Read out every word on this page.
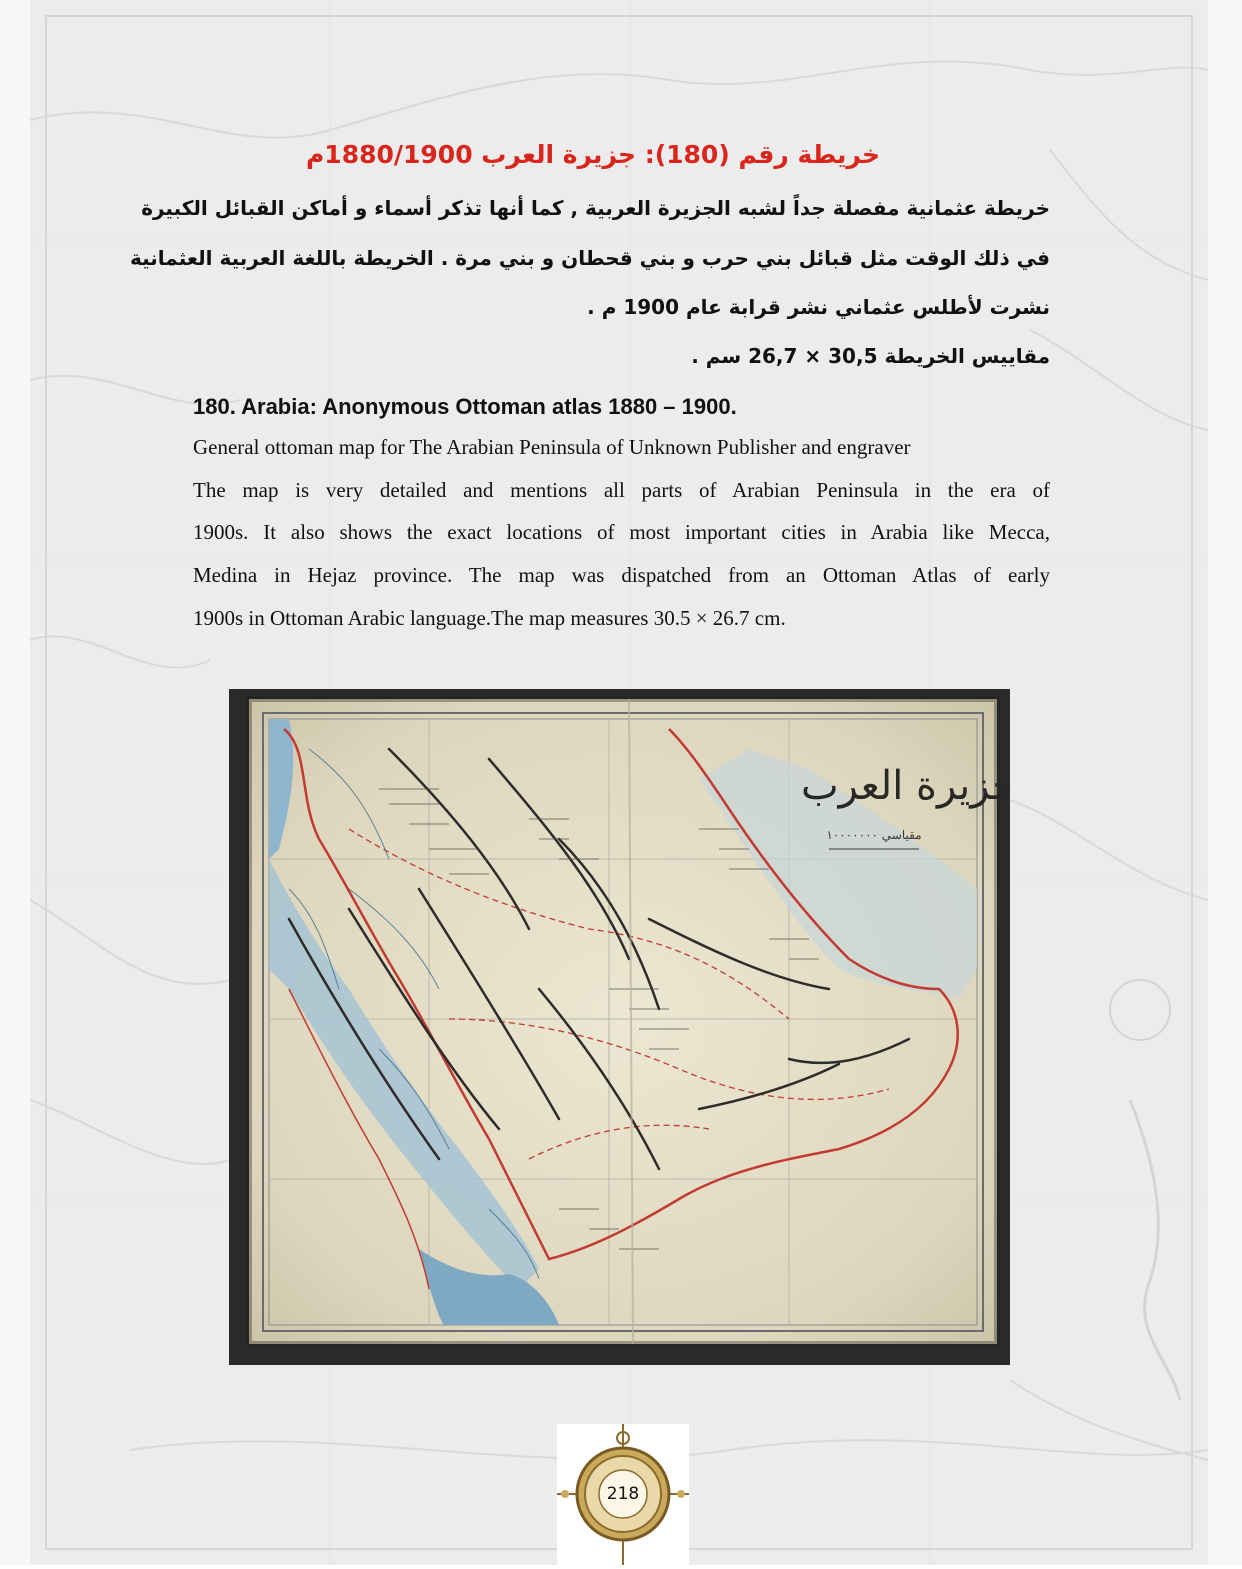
خريطة رقم (180): جزيرة العرب 1880/1900م
خريطة عثمانية مفصلة جداً لشبه الجزيرة العربية , كما أنها تذكر أسماء و أماكن القبائل الكبيرة
في ذلك الوقت مثل قبائل بني حرب و بني قحطان و بني مرة . الخريطة باللغة العربية العثمانية
نشرت لأطلس عثماني نشر قرابة عام 1900 م .
مقاييس الخريطة 30,5 × 26,7 سم .
180. Arabia: Anonymous Ottoman atlas 1880 – 1900.
General ottoman map for The Arabian Peninsula of Unknown Publisher and engraver
The map is very detailed and mentions all parts of Arabian Peninsula in the era of
1900s. It also shows the exact locations of most important cities in Arabia like Mecca,
Medina in Hejaz province. The map was dispatched from an Ottoman Atlas of early
1900s in Ottoman Arabic language.The map measures 30.5 × 26.7 cm.
جزيرة العرب
مقياسي ١٠٠٠٠٠٠٠
218
